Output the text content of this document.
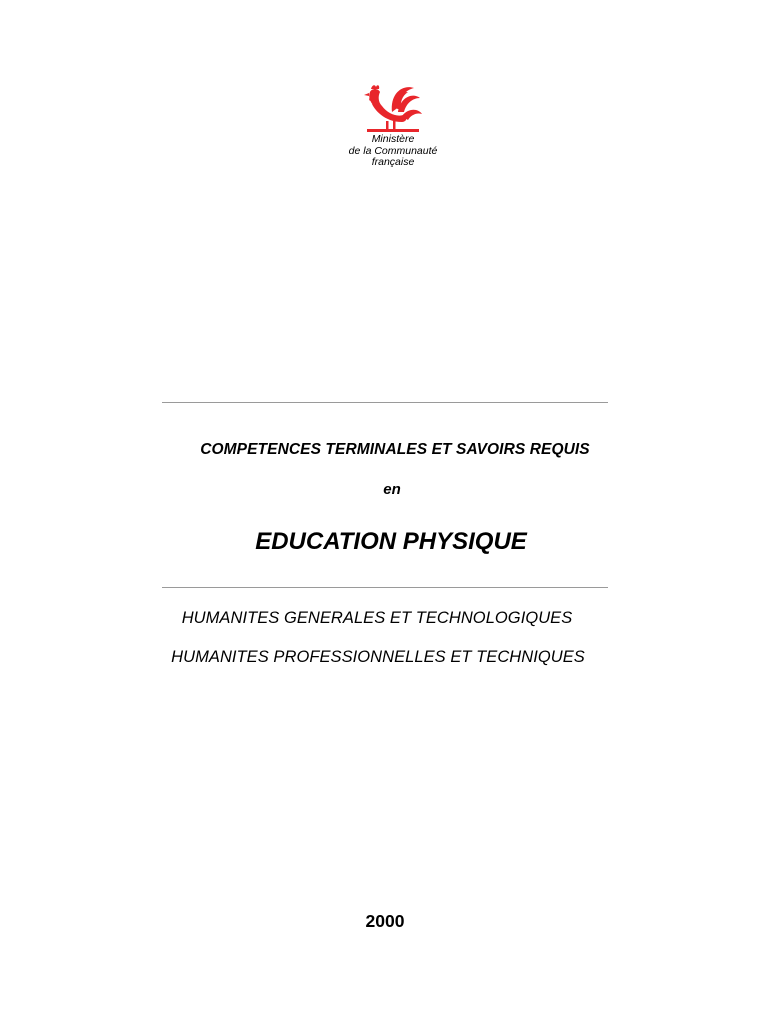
Ministère
de la Communauté
française
COMPETENCES TERMINALES ET SAVOIRS REQUIS
en
EDUCATION PHYSIQUE
HUMANITES GENERALES ET TECHNOLOGIQUES
HUMANITES PROFESSIONNELLES ET TECHNIQUES
2000
